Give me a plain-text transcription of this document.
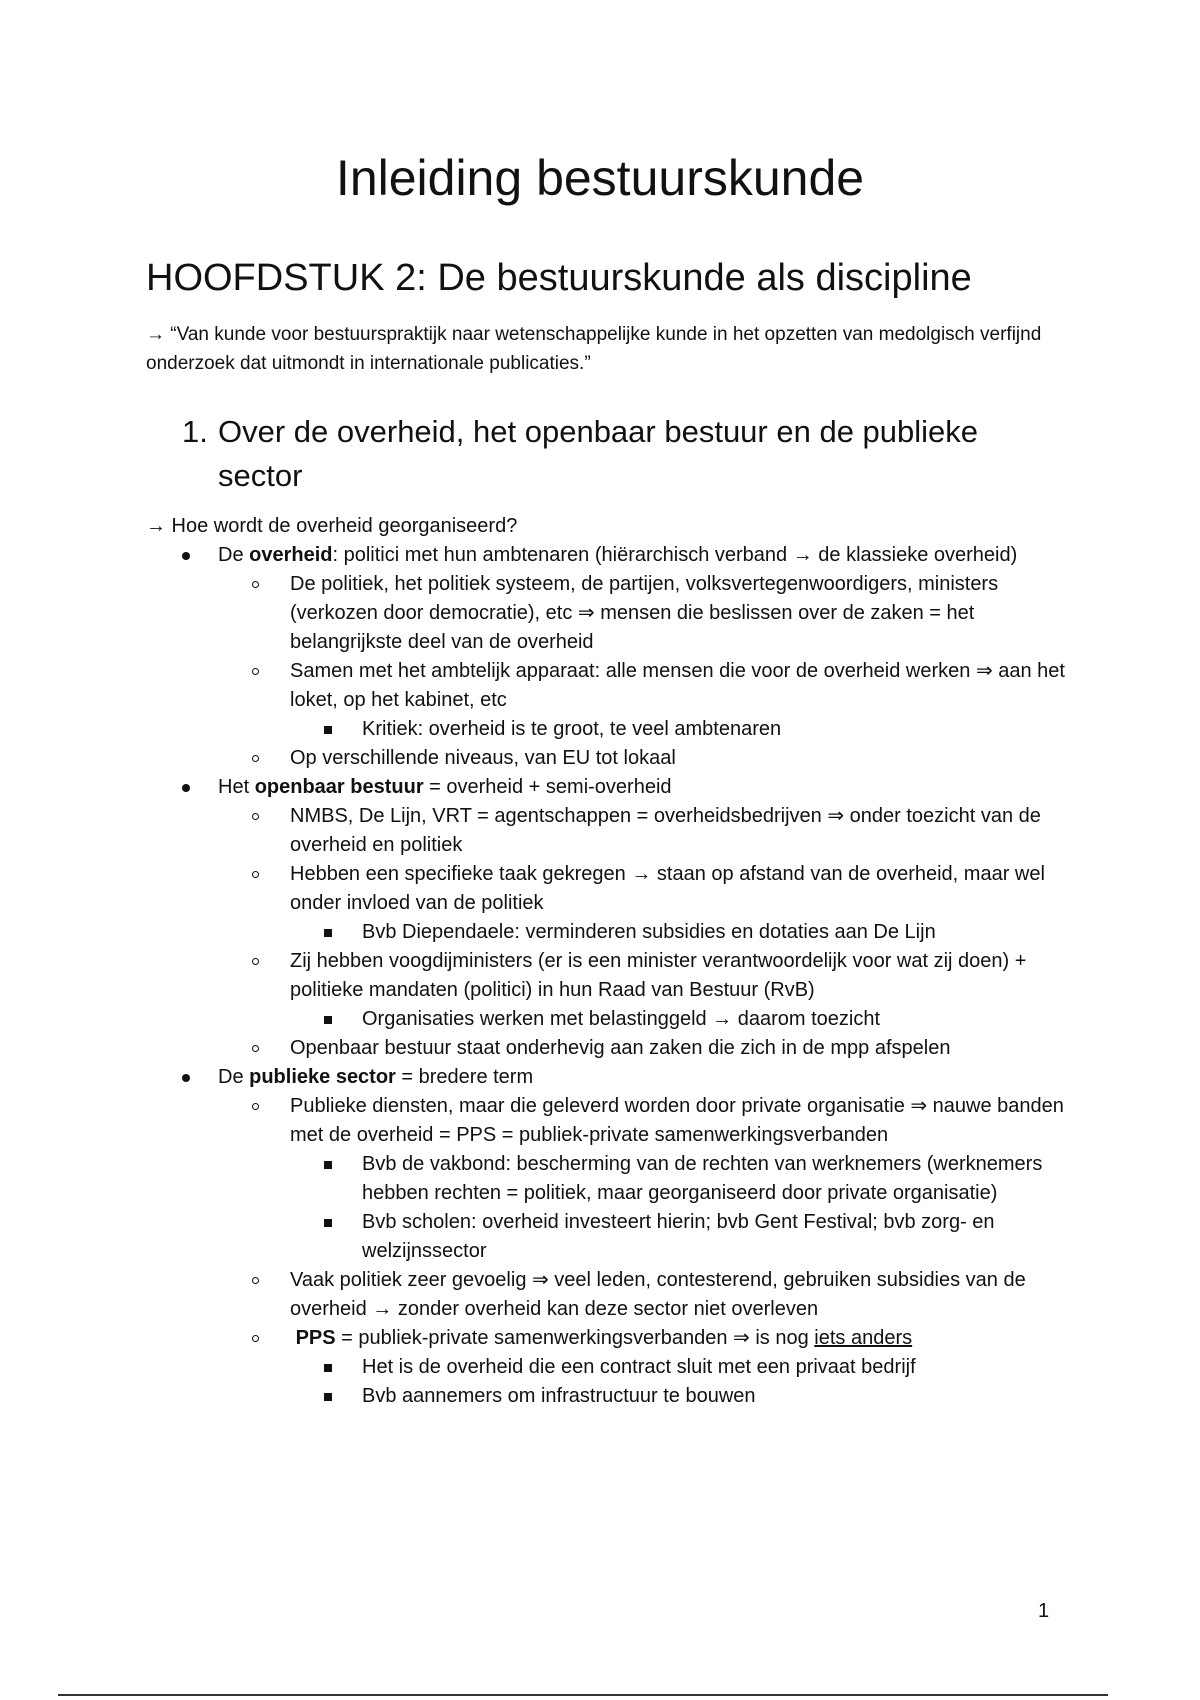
Inleiding bestuurskunde
HOOFDSTUK 2: De bestuurskunde als discipline

→ “Van kunde voor bestuurspraktijk naar wetenschappelijke kunde in het opzetten van medolgisch verfijnd onderzoek dat uitmondt in internationale publicaties.”

1. Over de overheid, het openbaar bestuur en de publieke
sector

→ Hoe wordt de overheid georganiseerd?

De overheid: politici met hun ambtenaren (hiërarchisch verband → de klassieke overheid)
De politiek, het politiek systeem, de partijen, volksvertegenwoordigers, ministers (verkozen door democratie), etc ⇒ mensen die beslissen over de zaken = het belangrijkste deel van de overheid
Samen met het ambtelijk apparaat: alle mensen die voor de overheid werken ⇒ aan het loket, op het kabinet, etc
Kritiek: overheid is te groot, te veel ambtenaren
Op verschillende niveaus, van EU tot lokaal
Het openbaar bestuur = overheid + semi-overheid
NMBS, De Lijn, VRT = agentschappen = overheidsbedrijven ⇒ onder toezicht van de overheid en politiek
Hebben een specifieke taak gekregen → staan op afstand van de overheid, maar wel onder invloed van de politiek
Bvb Diependaele: verminderen subsidies en dotaties aan De Lijn
Zij hebben voogdijministers (er is een minister verantwoordelijk voor wat zij doen) + politieke mandaten (politici) in hun Raad van Bestuur (RvB)
Organisaties werken met belastinggeld → daarom toezicht
Openbaar bestuur staat onderhevig aan zaken die zich in de mpp afspelen
De publieke sector = bredere term
Publieke diensten, maar die geleverd worden door private organisatie ⇒ nauwe banden met de overheid = PPS = publiek-private samenwerkingsverbanden
Bvb de vakbond: bescherming van de rechten van werknemers (werknemers hebben rechten = politiek, maar georganiseerd door private organisatie)
Bvb scholen: overheid investeert hierin; bvb Gent Festival; bvb zorg- en welzijnssector
Vaak politiek zeer gevoelig ⇒ veel leden, contesterend, gebruiken subsidies van de overheid → zonder overheid kan deze sector niet overleven
PPS = publiek-private samenwerkingsverbanden ⇒ is nog iets anders
Het is de overheid die een contract sluit met een privaat bedrijf
Bvb aannemers om infrastructuur te bouwen
1
